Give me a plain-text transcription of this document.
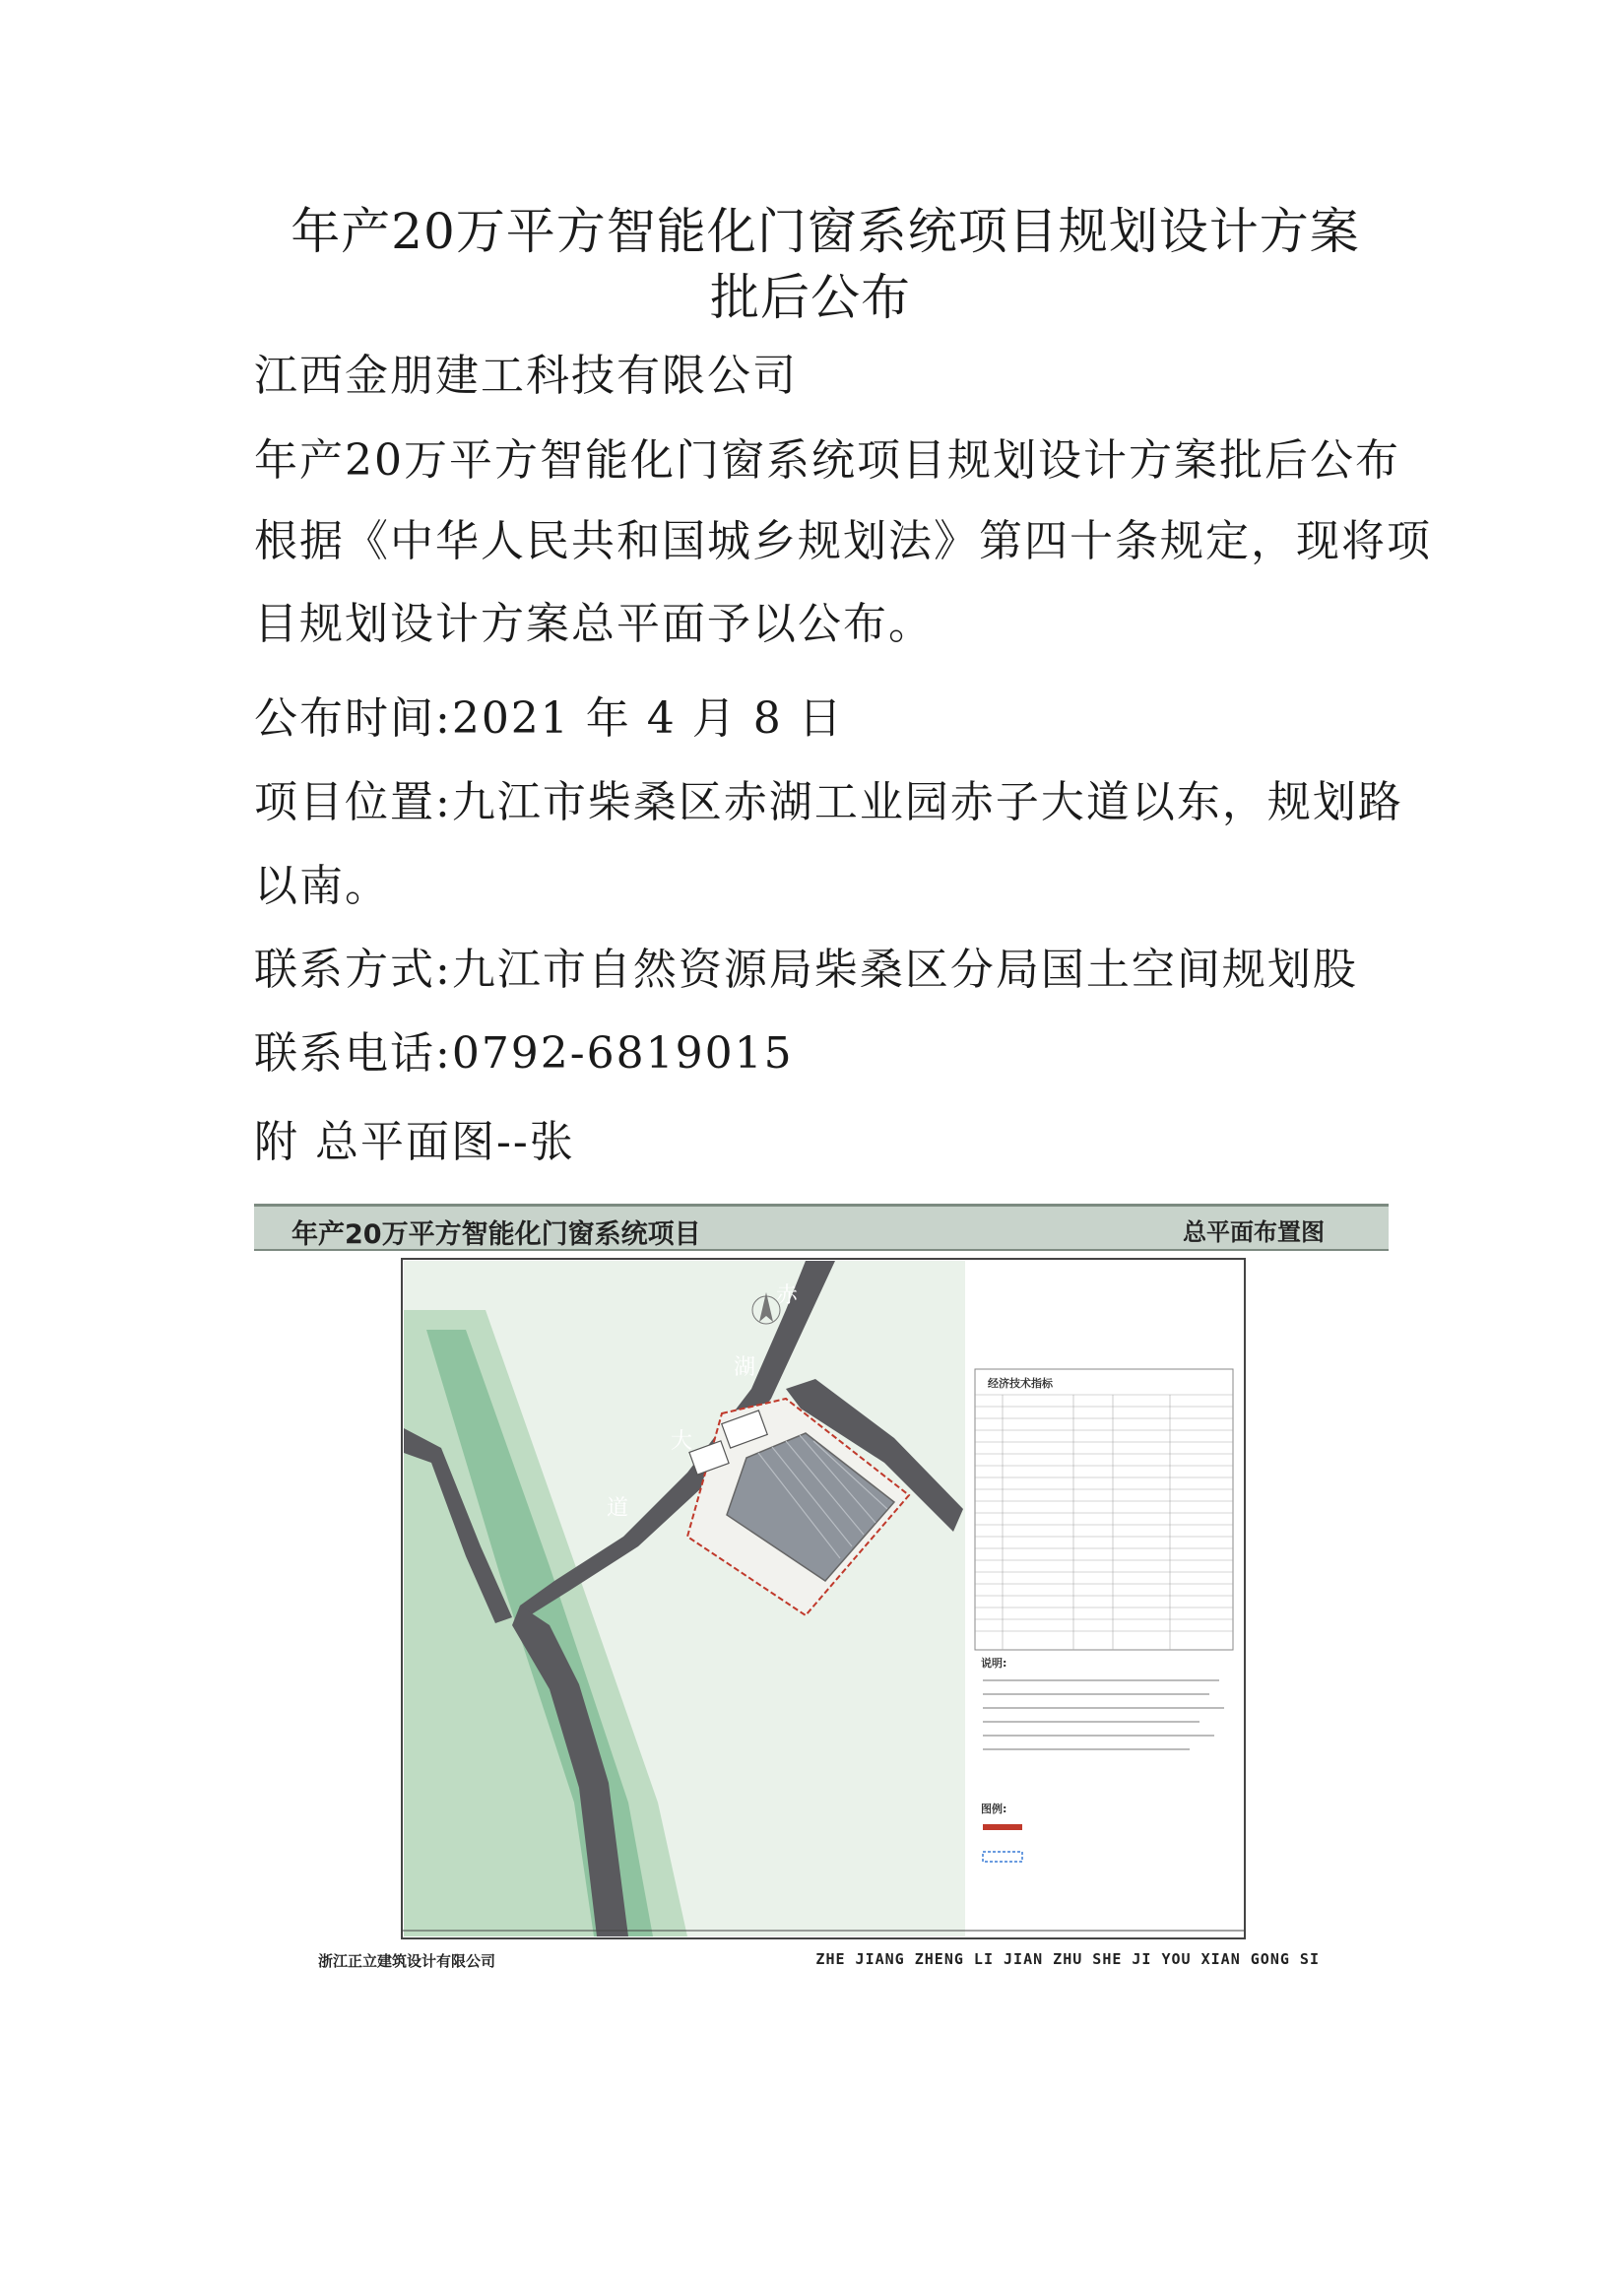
年产20万平方智能化门窗系统项目规划设计方案
批后公布
江西金朋建工科技有限公司
年产20万平方智能化门窗系统项目规划设计方案批后公布
根据《中华人民共和国城乡规划法》第四十条规定，现将项
目规划设计方案总平面予以公布。
公布时间:2021 年 4 月 8 日
项目位置:九江市柴桑区赤湖工业园赤子大道以东，规划路
以南。
联系方式:九江市自然资源局柴桑区分局国土空间规划股
联系电话:0792-6819015
附 总平面图--张
年产20万平方智能化门窗系统项目	总平面布置图
赤
湖
大
道
经济技术指标
说明:
图例:
浙江正立建筑设计有限公司	ZHE JIANG ZHENG LI JIAN ZHU SHE JI YOU XIAN GONG SI
